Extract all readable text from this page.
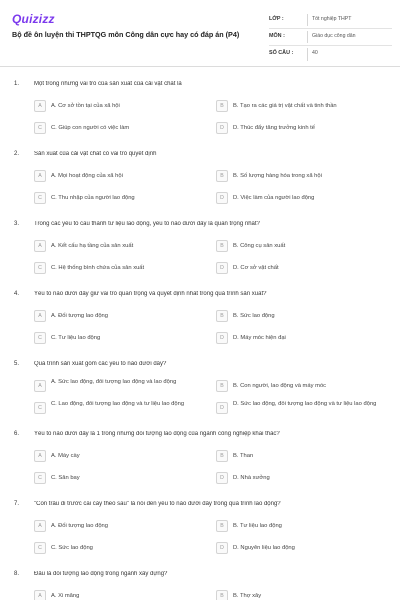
Quizizz
Bộ đề ôn luyện thi THPTQG môn Công dân cực hay có đáp án (P4)
LỚP :	Tốt nghiệp THPT
MÔN :	Giáo dục công dân
SỐ CÂU :	40
1. Một trong những vai trò của sản xuất của cải vật chất là
A	A. Cơ sở tồn tại của xã hội	B	B. Tạo ra các giá trị vật chất và tinh thần
C	C. Giúp con người có việc làm	D	D. Thúc đẩy tăng trưởng kinh tế
2. Sản xuất của cải vật chất có vai trò quyết định
A	A. Mọi hoạt động của xã hội	B	B. Số lượng hàng hóa trong xã hội
C	C. Thu nhập của người lao động	D	D. Việc làm của người lao động
3. Trong các yếu tố cấu thành tư liệu lao động, yếu tố nào dưới đây là quan trọng nhất?
A	A. Kết cấu hạ tầng của sản xuất	B	B. Công cụ sản xuất
C	C. Hệ thống bình chứa của sản xuất	D	D. Cơ sở vật chất
4. Yếu tố nào dưới đây giữ vai trò quan trọng và quyết định nhất trong quá trình sản xuất?
A	A. Đối tượng lao động	B	B. Sức lao động
C	C. Tư liệu lao động	D	D. Máy móc hiện đại
5. Quá trình sản xuất gồm các yếu tố nào dưới đây?
A
A. Sức lao động, đối tượng lao động và lao động
B	B. Con người, lao động và máy móc
C
C. Lao động, đối tượng lao động và tư liệu lao động
D
D. Sức lao động, đối tượng lao động và tư liệu lao động
6. Yếu tố nào dưới đây là 1 trong những đối tượng lao động của ngành công nghiệp khai thác?
A	A. Máy cày	B	B. Than
C	C. Sân bay	D	D. Nhà xưởng
7. "Con trâu đi trước cái cày theo sau" là nói đến yếu tố nào dưới đây trong quá trình lao động?
A	A. Đối tượng lao động	B	B. Tư liệu lao động
C	C. Sức lao động	D	D. Nguyên liệu lao động
8. Đâu là đối tượng lao động trong ngành xây dựng?
A	A. Xi măng	B	B. Thợ xây
